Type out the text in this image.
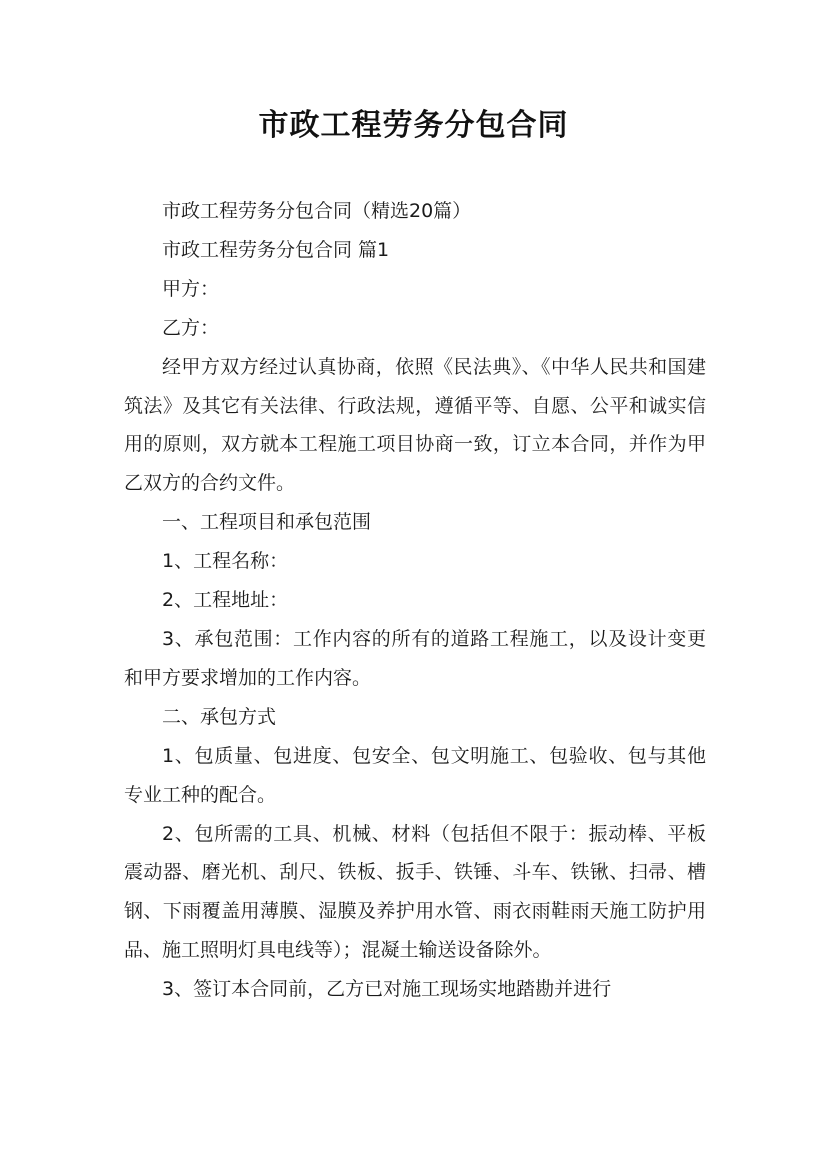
市政工程劳务分包合同

市政工程劳务分包合同（精选20篇）

市政工程劳务分包合同 篇1

甲方：

乙方：

经甲方双方经过认真协商，依照《民法典》、《中华人民共和国建筑法》及其它有关法律、行政法规，遵循平等、自愿、公平和诚实信用的原则，双方就本工程施工项目协商一致，订立本合同，并作为甲乙双方的合约文件。

一、工程项目和承包范围

1、工程名称：

2、工程地址：

3、承包范围：工作内容的所有的道路工程施工，以及设计变更和甲方要求增加的工作内容。

二、承包方式

1、包质量、包进度、包安全、包文明施工、包验收、包与其他专业工种的配合。

2、包所需的工具、机械、材料（包括但不限于：振动棒、平板震动器、磨光机、刮尺、铁板、扳手、铁锤、斗车、铁锹、扫帚、槽钢、下雨覆盖用薄膜、湿膜及养护用水管、雨衣雨鞋雨天施工防护用品、施工照明灯具电线等）；混凝土输送设备除外。

3、签订本合同前，乙方已对施工现场实地踏勘并进行
